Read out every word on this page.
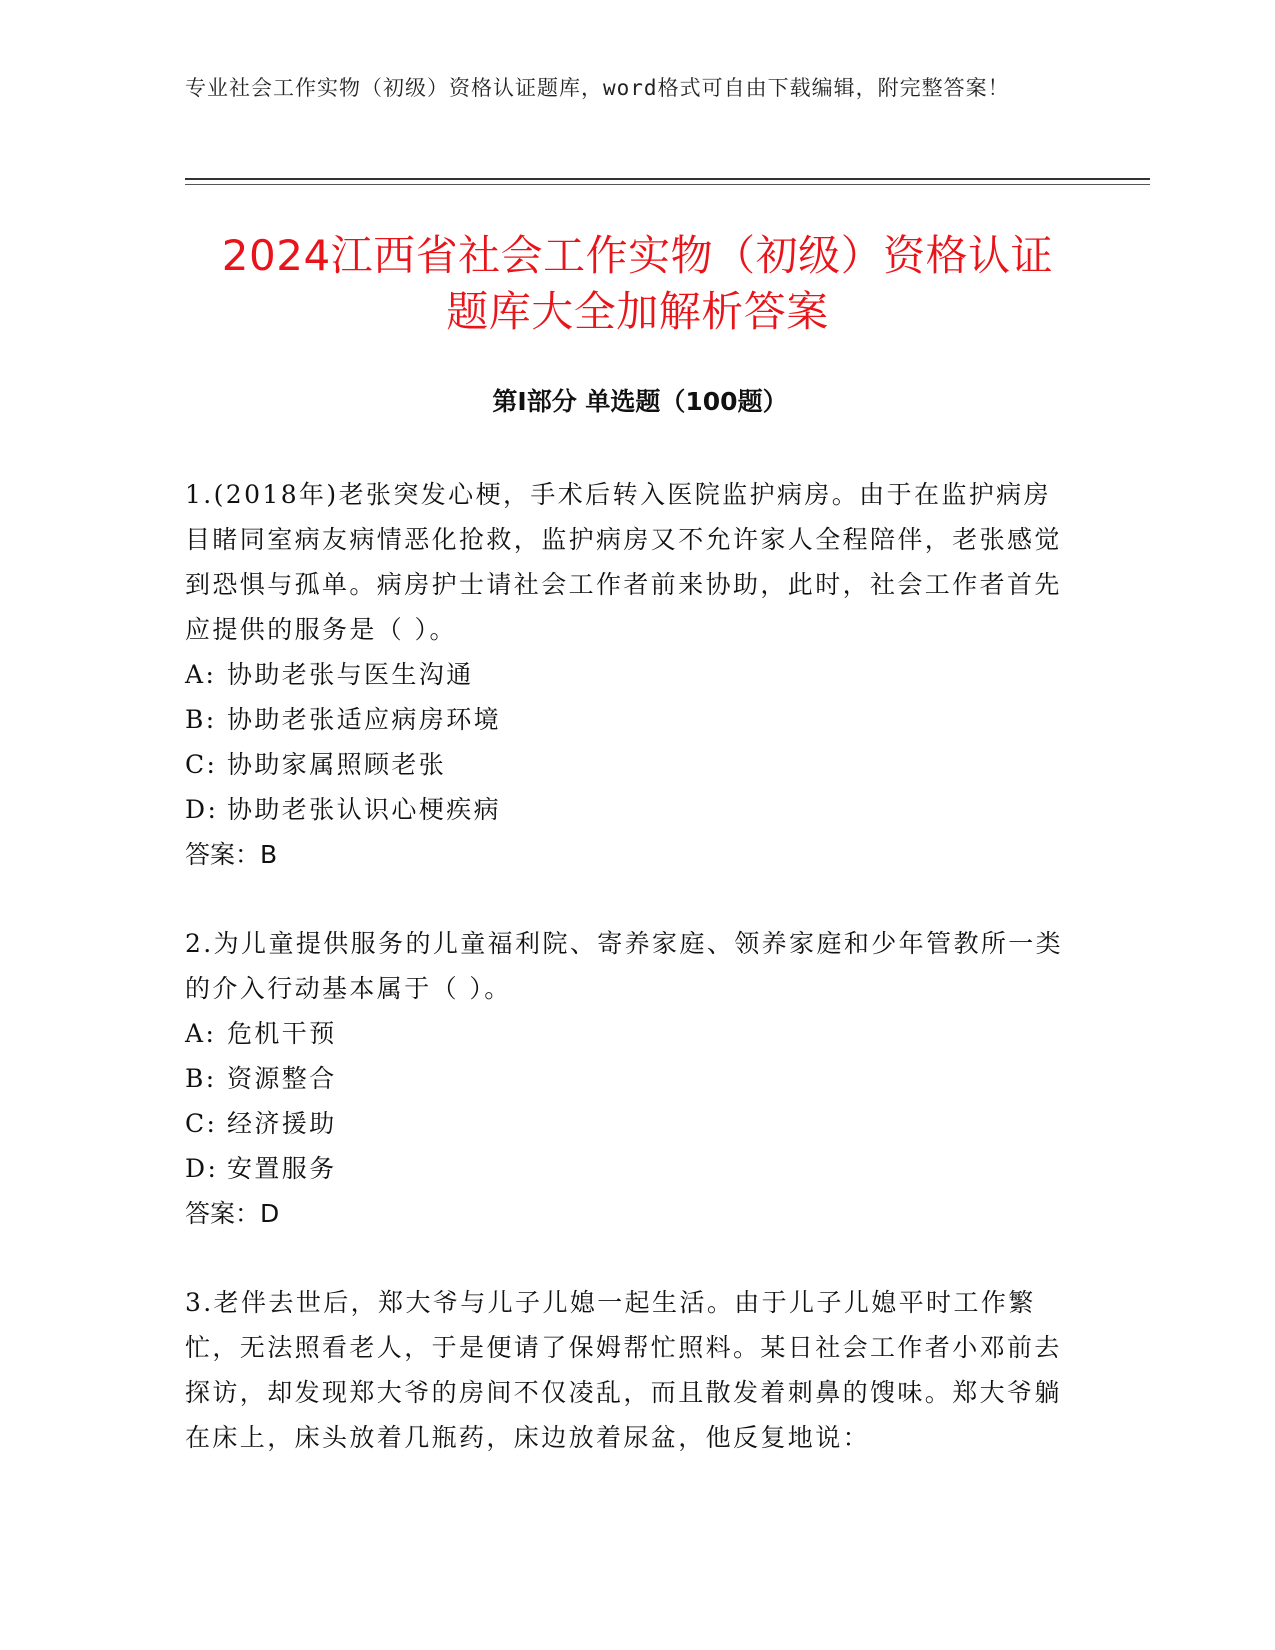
专业社会工作实物（初级）资格认证题库，word格式可自由下载编辑，附完整答案！
2024江西省社会工作实物（初级）资格认证
题库大全加解析答案
第Ⅰ部分 单选题（100题）

1.(2018年)老张突发心梗，手术后转入医院监护病房。由于在监护病房目睹同室病友病情恶化抢救，监护病房又不允许家人全程陪伴，老张感觉到恐惧与孤单。病房护士请社会工作者前来协助，此时，社会工作者首先应提供的服务是（ ）。

A: 协助老张与医生沟通

B: 协助老张适应病房环境

C: 协助家属照顾老张

D: 协助老张认识心梗疾病

答案：B

2.为儿童提供服务的儿童福利院、寄养家庭、领养家庭和少年管教所一类的介入行动基本属于（ ）。

A: 危机干预

B: 资源整合

C: 经济援助

D: 安置服务

答案：D

3.老伴去世后，郑大爷与儿子儿媳一起生活。由于儿子儿媳平时工作繁忙，无法照看老人，于是便请了保姆帮忙照料。某日社会工作者小邓前去探访，却发现郑大爷的房间不仅凌乱，而且散发着刺鼻的馊味。郑大爷躺在床上，床头放着几瓶药，床边放着尿盆，他反复地说：
